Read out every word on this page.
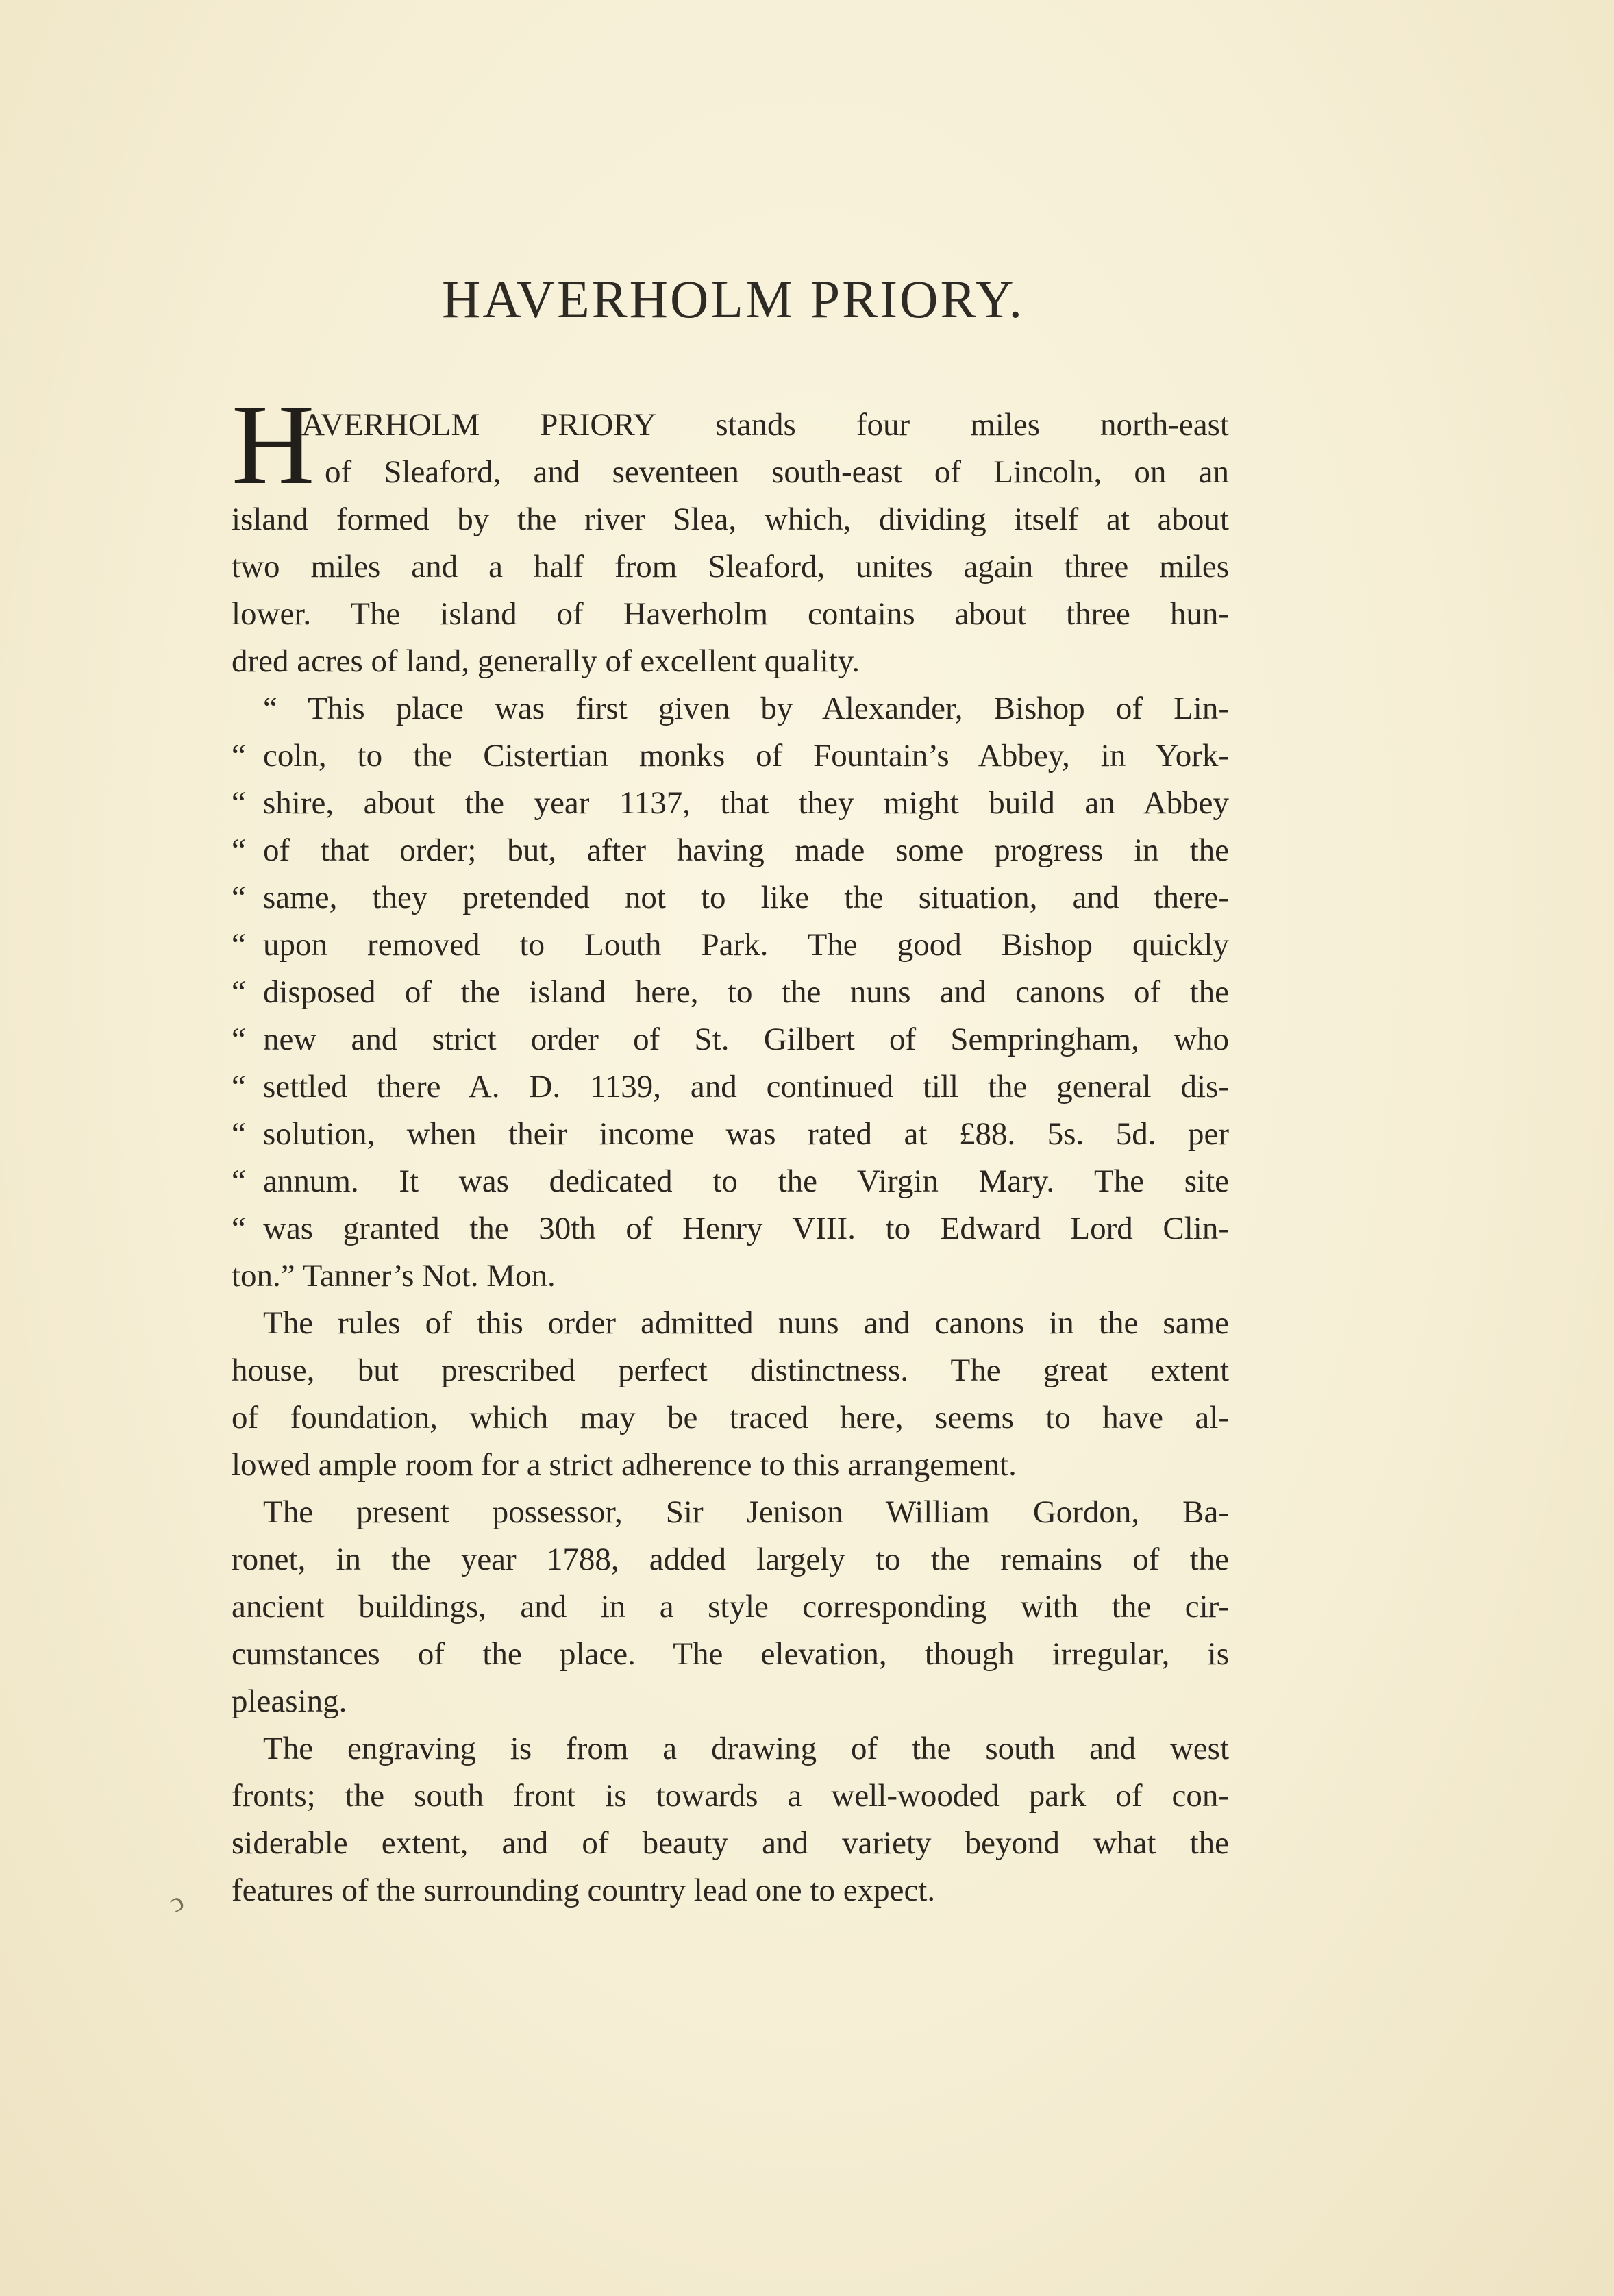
HAVERHOLM PRIORY.
H
AVERHOLM PRIORY stands four miles north-east
of Sleaford, and seventeen south-east of Lincoln, on an
island formed by the river Slea, which, dividing itself at about
two miles and a half from Sleaford, unites again three miles
lower. The island of Haverholm contains about three hun-
dred acres of land, generally of excellent quality.
“ This place was first given by Alexander, Bishop of Lin-
“ coln, to the Cistertian monks of Fountain’s Abbey, in York-
“ shire, about the year 1137, that they might build an Abbey
“ of that order; but, after having made some progress in the
“ same, they pretended not to like the situation, and there-
“ upon removed to Louth Park. The good Bishop quickly
“ disposed of the island here, to the nuns and canons of the
“ new and strict order of St. Gilbert of Sempringham, who
“ settled there A. D. 1139, and continued till the general dis-
“ solution, when their income was rated at £88. 5s. 5d. per
“ annum. It was dedicated to the Virgin Mary. The site
“ was granted the 30th of Henry VIII. to Edward Lord Clin-
ton.” Tanner’s Not. Mon.
The rules of this order admitted nuns and canons in the same
house, but prescribed perfect distinctness. The great extent
of foundation, which may be traced here, seems to have al-
lowed ample room for a strict adherence to this arrangement.
The present possessor, Sir Jenison William Gordon, Ba-
ronet, in the year 1788, added largely to the remains of the
ancient buildings, and in a style corresponding with the cir-
cumstances of the place. The elevation, though irregular, is
pleasing.
The engraving is from a drawing of the south and west
fronts; the south front is towards a well-wooded park of con-
siderable extent, and of beauty and variety beyond what the
features of the surrounding country lead one to expect.
ↄ
